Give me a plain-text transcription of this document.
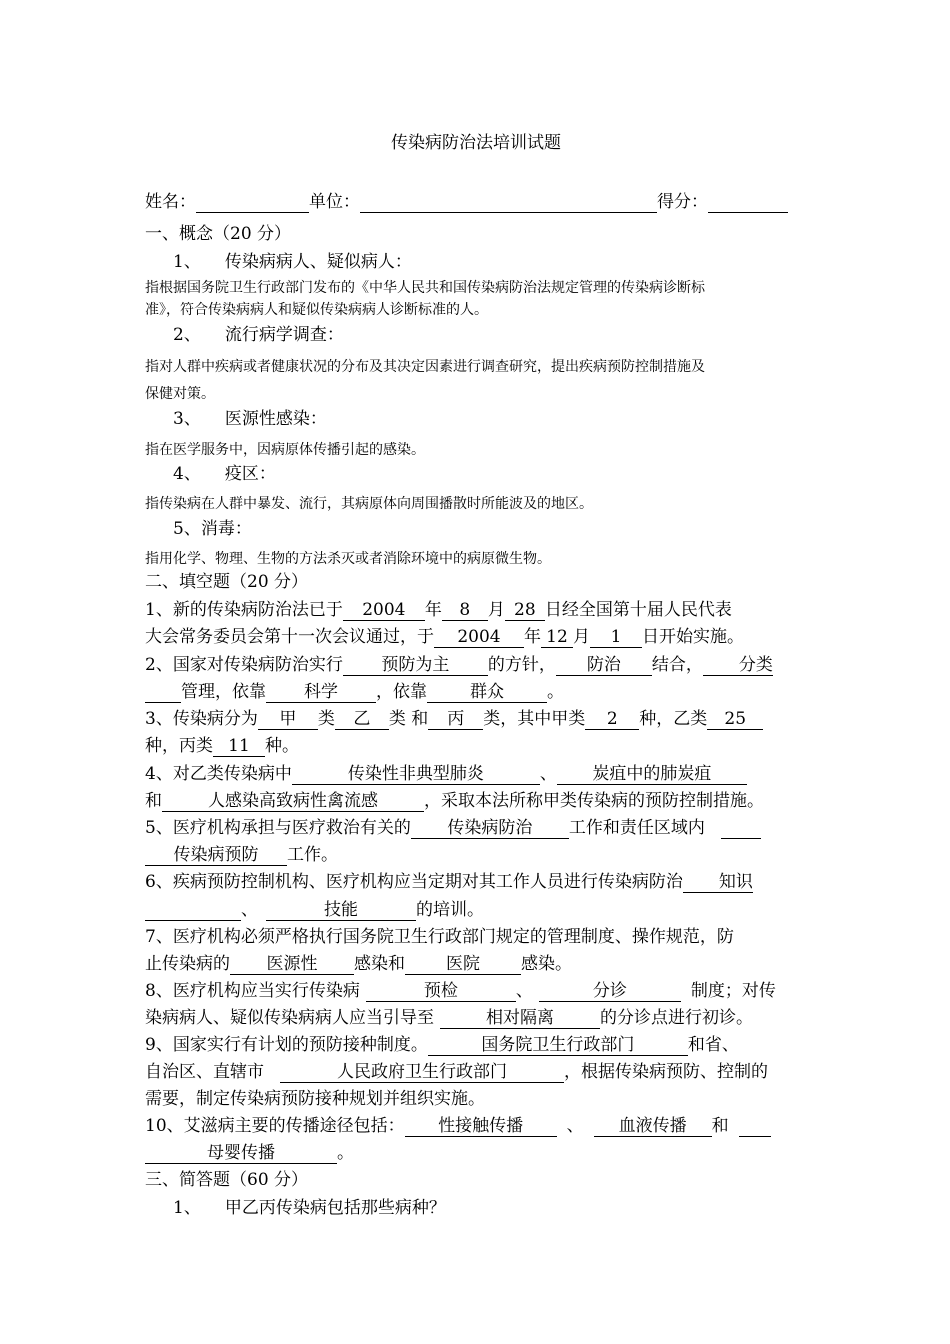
传染病防治法培训试题
姓名：	单位：	得分：
一、概念（20 分）
1、 传染病病人、疑似病人：
指根据国务院卫生行政部门发布的《中华人民共和国传染病防治法规定管理的传染病诊断标
准》，符合传染病病人和疑似传染病病人诊断标准的人。
2、 流行病学调查：
指对人群中疾病或者健康状况的分布及其决定因素进行调查研究，提出疾病预防控制措施及
保健对策。
3、 医源性感染：
指在医学服务中，因病原体传播引起的感染。
4、 疫区：
指传染病在人群中暴发、流行，其病原体向周围播散时所能波及的地区。
5、消毒：
指用化学、物理、生物的方法杀灭或者消除环境中的病原微生物。
二、填空题（20 分）
1、新的传染病防治法已于 2004 年 8 月 28 日经全国第十届人民代表
大会常务委员会第十一次会议通过，于 2004 年 12 月 1 日开始实施。
2、国家对传染病防治实行 预防为主 的方针， 防治 结合， 分类
管理，依靠 科学 ，依靠	群众	。
3、传染病分为 甲 类 乙 类 和 丙 类，其中甲类 2 种，乙类 25
种，丙类 11 种。
4、对乙类传染病中	传染性非典型肺炎	、 炭疽中的肺炭疽
和	人感染高致病性禽流感	，采取本法所称甲类传染病的预防控制措施。
5、医疗机构承担与医疗救治有关的 传染病防治 工作和责任区域内
传染病预防 工作。
6、疾病预防控制机构、医疗机构应当定期对其工作人员进行传染病防治 知识
、	技能	的培训。
7、医疗机构必须严格执行国务院卫生行政部门规定的管理制度、操作规范，防
止传染病的 医源性 感染和 医院 感染。
8、医疗机构应当实行传染病	预检	、	分诊	制度；对传
染病病人、疑似传染病病人应当引导至	相对隔离	的分诊点进行初诊。
9、国家实行有计划的预防接种制度。	国务院卫生行政部门	和省、
自治区、直辖市	人民政府卫生行政部门	，根据传染病预防、控制的
需要，制定传染病预防接种规划并组织实施。
10、艾滋病主要的传播途径包括： 性接触传播	、 血液传播 和
母婴传播	。
三、简答题（60 分）
1、 甲乙丙传染病包括那些病种？
